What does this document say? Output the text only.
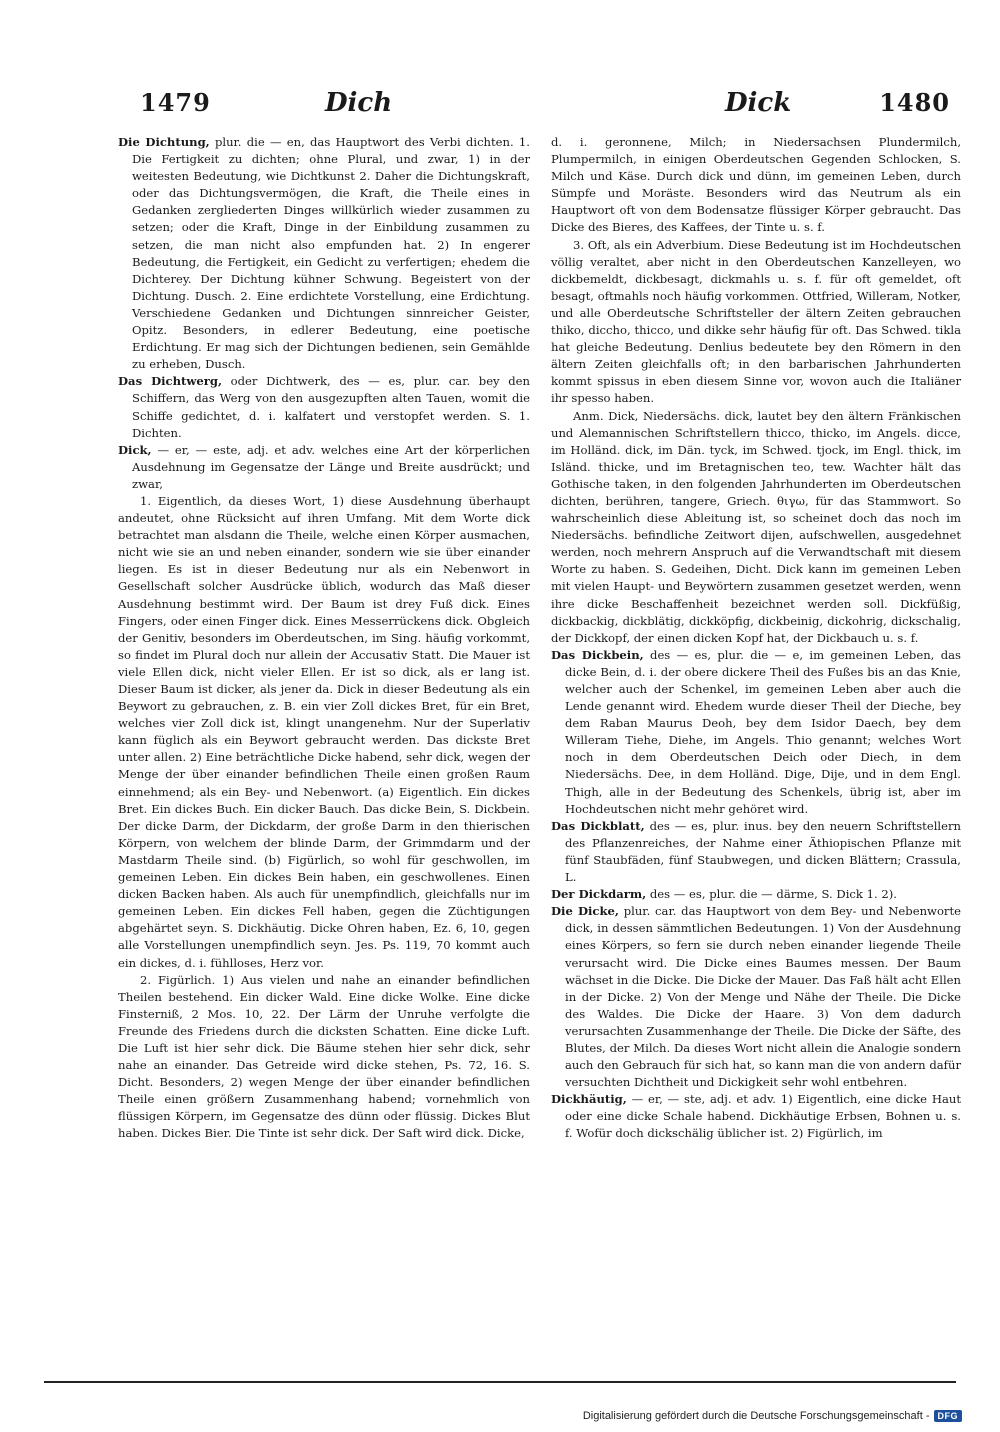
1479	Dich	Dick	1480

Die Dichtung, plur. die — en, das Hauptwort des Verbi dichten. 1. Die Fertigkeit zu dichten; ohne Plural, und zwar, 1) in der weitesten Bedeutung, wie Dichtkunst 2. Daher die Dichtungskraft, oder das Dichtungsvermögen, die Kraft, die Theile eines in Gedanken zergliederten Dinges willkürlich wieder zusammen zu setzen; oder die Kraft, Dinge in der Einbildung zusammen zu setzen, die man nicht also empfunden hat. 2) In engerer Bedeutung, die Fertigkeit, ein Gedicht zu verfertigen; ehedem die Dichterey. Der Dichtung kühner Schwung. Begeistert von der Dichtung. Dusch. 2. Eine erdichtete Vorstellung, eine Erdichtung. Verschiedene Gedanken und Dichtungen sinnreicher Geister, Opitz. Besonders, in edlerer Bedeutung, eine poetische Erdichtung. Er mag sich der Dichtungen bedienen, sein Gemählde zu erheben, Dusch.

Das Dichtwerg, oder Dichtwerk, des — es, plur. car. bey den Schiffern, das Werg von den ausgezupften alten Tauen, womit die Schiffe gedichtet, d. i. kalfatert und verstopfet werden. S. 1. Dichten.

Dick, — er, — este, adj. et adv. welches eine Art der körperlichen Ausdehnung im Gegensatze der Länge und Breite ausdrückt; und zwar,

1. Eigentlich, da dieses Wort, 1) diese Ausdehnung überhaupt andeutet, ohne Rücksicht auf ihren Umfang. Mit dem Worte dick betrachtet man alsdann die Theile, welche einen Körper ausmachen, nicht wie sie an und neben einander, sondern wie sie über einander liegen. Es ist in dieser Bedeutung nur als ein Nebenwort in Gesellschaft solcher Ausdrücke üblich, wodurch das Maß dieser Ausdehnung bestimmt wird. Der Baum ist drey Fuß dick. Eines Fingers, oder einen Finger dick. Eines Messerrückens dick. Obgleich der Genitiv, besonders im Oberdeutschen, im Sing. häufig vorkommt, so findet im Plural doch nur allein der Accusativ Statt. Die Mauer ist viele Ellen dick, nicht vieler Ellen. Er ist so dick, als er lang ist. Dieser Baum ist dicker, als jener da. Dick in dieser Bedeutung als ein Beywort zu gebrauchen, z. B. ein vier Zoll dickes Bret, für ein Bret, welches vier Zoll dick ist, klingt unangenehm. Nur der Superlativ kann füglich als ein Beywort gebraucht werden. Das dickste Bret unter allen. 2) Eine beträchtliche Dicke habend, sehr dick, wegen der Menge der über einander befindlichen Theile einen großen Raum einnehmend; als ein Bey- und Nebenwort. (a) Eigentlich. Ein dickes Bret. Ein dickes Buch. Ein dicker Bauch. Das dicke Bein, S. Dickbein. Der dicke Darm, der Dickdarm, der große Darm in den thierischen Körpern, von welchem der blinde Darm, der Grimmdarm und der Mastdarm Theile sind. (b) Figürlich, so wohl für geschwollen, im gemeinen Leben. Ein dickes Bein haben, ein geschwollenes. Einen dicken Backen haben. Als auch für unempfindlich, gleichfalls nur im gemeinen Leben. Ein dickes Fell haben, gegen die Züchtigungen abgehärtet seyn. S. Dickhäutig. Dicke Ohren haben, Ez. 6, 10, gegen alle Vorstellungen unempfindlich seyn. Jes. Ps. 119, 70 kommt auch ein dickes, d. i. fühlloses, Herz vor.

2. Figürlich. 1) Aus vielen und nahe an einander befindlichen Theilen bestehend. Ein dicker Wald. Eine dicke Wolke. Eine dicke Finsterniß, 2 Mos. 10, 22. Der Lärm der Unruhe verfolgte die Freunde des Friedens durch die dicksten Schatten. Eine dicke Luft. Die Luft ist hier sehr dick. Die Bäume stehen hier sehr dick, sehr nahe an einander. Das Getreide wird dicke stehen, Ps. 72, 16. S. Dicht. Besonders, 2) wegen Menge der über einander befindlichen Theile einen größern Zusammenhang habend; vornehmlich von flüssigen Körpern, im Gegensatze des dünn oder flüssig. Dickes Blut haben. Dickes Bier. Die Tinte ist sehr dick. Der Saft wird dick. Dicke,

d. i. geronnene, Milch; in Niedersachsen Plundermilch, Plumpermilch, in einigen Oberdeutschen Gegenden Schlocken, S. Milch und Käse. Durch dick und dünn, im gemeinen Leben, durch Sümpfe und Moräste. Besonders wird das Neutrum als ein Hauptwort oft von dem Bodensatze flüssiger Körper gebraucht. Das Dicke des Bieres, des Kaffees, der Tinte u. s. f.

3. Oft, als ein Adverbium. Diese Bedeutung ist im Hochdeutschen völlig veraltet, aber nicht in den Oberdeutschen Kanzelleyen, wo dickbemeldt, dickbesagt, dickmahls u. s. f. für oft gemeldet, oft besagt, oftmahls noch häufig vorkommen. Ottfried, Willeram, Notker, und alle Oberdeutsche Schriftsteller der ältern Zeiten gebrauchen thiko, diccho, thicco, und dikke sehr häufig für oft. Das Schwed. tikla hat gleiche Bedeutung. Denlius bedeutete bey den Römern in den ältern Zeiten gleichfalls oft; in den barbarischen Jahrhunderten kommt spissus in eben diesem Sinne vor, wovon auch die Italiäner ihr spesso haben.

Anm. Dick, Niedersächs. dick, lautet bey den ältern Fränkischen und Alemannischen Schriftstellern thicco, thicko, im Angels. dicce, im Holländ. dick, im Dän. tyck, im Schwed. tjock, im Engl. thick, im Isländ. thicke, und im Bretagnischen teo, tew. Wachter hält das Gothische taken, in den folgenden Jahrhunderten im Oberdeutschen dichten, berühren, tangere, Griech. θιγω, für das Stammwort. So wahrscheinlich diese Ableitung ist, so scheinet doch das noch im Niedersächs. befindliche Zeitwort dijen, aufschwellen, ausgedehnet werden, noch mehrern Anspruch auf die Verwandtschaft mit diesem Worte zu haben. S. Gedeihen, Dicht. Dick kann im gemeinen Leben mit vielen Haupt- und Beywörtern zusammen gesetzet werden, wenn ihre dicke Beschaffenheit bezeichnet werden soll. Dickfüßig, dickbackig, dickblätig, dickköpfig, dickbeinig, dickohrig, dickschalig, der Dickkopf, der einen dicken Kopf hat, der Dickbauch u. s. f.

Das Dickbein, des — es, plur. die — e, im gemeinen Leben, das dicke Bein, d. i. der obere dickere Theil des Fußes bis an das Knie, welcher auch der Schenkel, im gemeinen Leben aber auch die Lende genannt wird. Ehedem wurde dieser Theil der Dieche, bey dem Raban Maurus Deoh, bey dem Isidor Daech, bey dem Willeram Tiehe, Diehe, im Angels. Thio genannt; welches Wort noch in dem Oberdeutschen Deich oder Diech, in dem Niedersächs. Dee, in dem Holländ. Dige, Dije, und in dem Engl. Thigh, alle in der Bedeutung des Schenkels, übrig ist, aber im Hochdeutschen nicht mehr gehöret wird.

Das Dickblatt, des — es, plur. inus. bey den neuern Schriftstellern des Pflanzenreiches, der Nahme einer Äthiopischen Pflanze mit fünf Staubfäden, fünf Staubwegen, und dicken Blättern; Crassula, L.

Der Dickdarm, des — es, plur. die — därme, S. Dick 1. 2).

Die Dicke, plur. car. das Hauptwort von dem Bey- und Nebenworte dick, in dessen sämmtlichen Bedeutungen. 1) Von der Ausdehnung eines Körpers, so fern sie durch neben einander liegende Theile verursacht wird. Die Dicke eines Baumes messen. Der Baum wächset in die Dicke. Die Dicke der Mauer. Das Faß hält acht Ellen in der Dicke. 2) Von der Menge und Nähe der Theile. Die Dicke des Waldes. Die Dicke der Haare. 3) Von dem dadurch verursachten Zusammenhange der Theile. Die Dicke der Säfte, des Blutes, der Milch. Da dieses Wort nicht allein die Analogie sondern auch den Gebrauch für sich hat, so kann man die von andern dafür versuchten Dichtheit und Dickigkeit sehr wohl entbehren.

Dickhäutig, — er, — ste, adj. et adv. 1) Eigentlich, eine dicke Haut oder eine dicke Schale habend. Dickhäutige Erbsen, Bohnen u. s. f. Wofür doch dickschälig üblicher ist. 2) Figürlich, im

Digitalisierung gefördert durch die Deutsche Forschungsgemeinschaft - DFG
